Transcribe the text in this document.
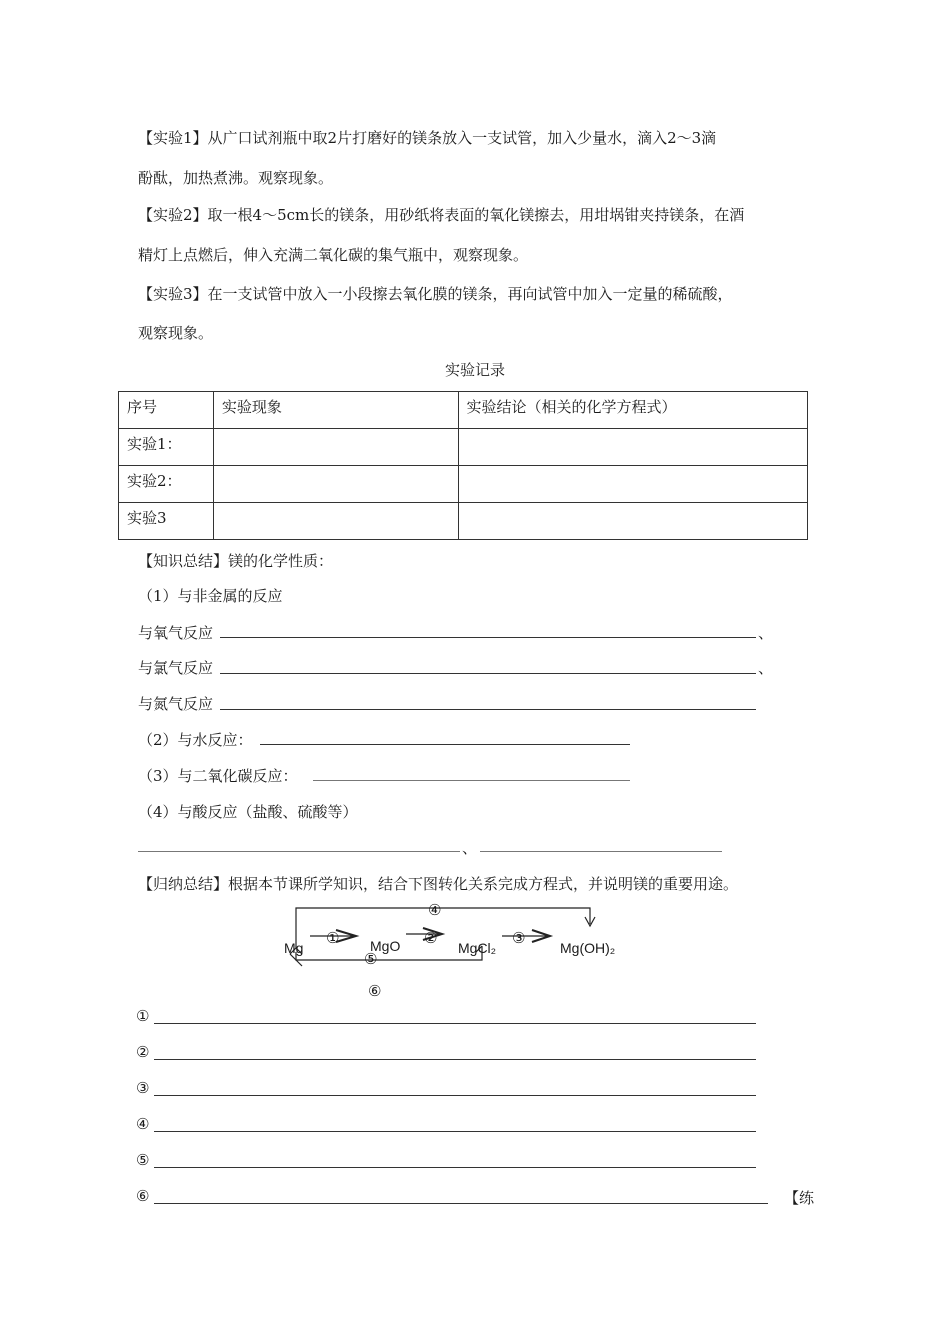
【实验1】从广口试剂瓶中取2片打磨好的镁条放入一支试管，加入少量水，滴入2～3滴
酚酞，加热煮沸。观察现象。
【实验2】取一根4～5cm长的镁条，用砂纸将表面的氧化镁擦去，用坩埚钳夹持镁条，在酒
精灯上点燃后，伸入充满二氧化碳的集气瓶中，观察现象。
【实验3】在一支试管中放入一小段擦去氧化膜的镁条，再向试管中加入一定量的稀硫酸，
观察现象。
实验记录
序号	实验现象	实验结论（相关的化学方程式）
实验1：		
实验2：		
实验3		
【知识总结】镁的化学性质：
（1）与非金属的反应
与氧气反应	、
与氯气反应	、
与氮气反应
（2）与水反应：
（3）与二氧化碳反应：
（4）与酸反应（盐酸、硫酸等）
、
【归纳总结】根据本节课所学知识，结合下图转化关系完成方程式，并说明镁的重要用途。
Mg	MgO	MgCl₂	Mg(OH)₂
①	②	③
④
⑤
⑥
①
②
③
④
⑤
⑥	【练
